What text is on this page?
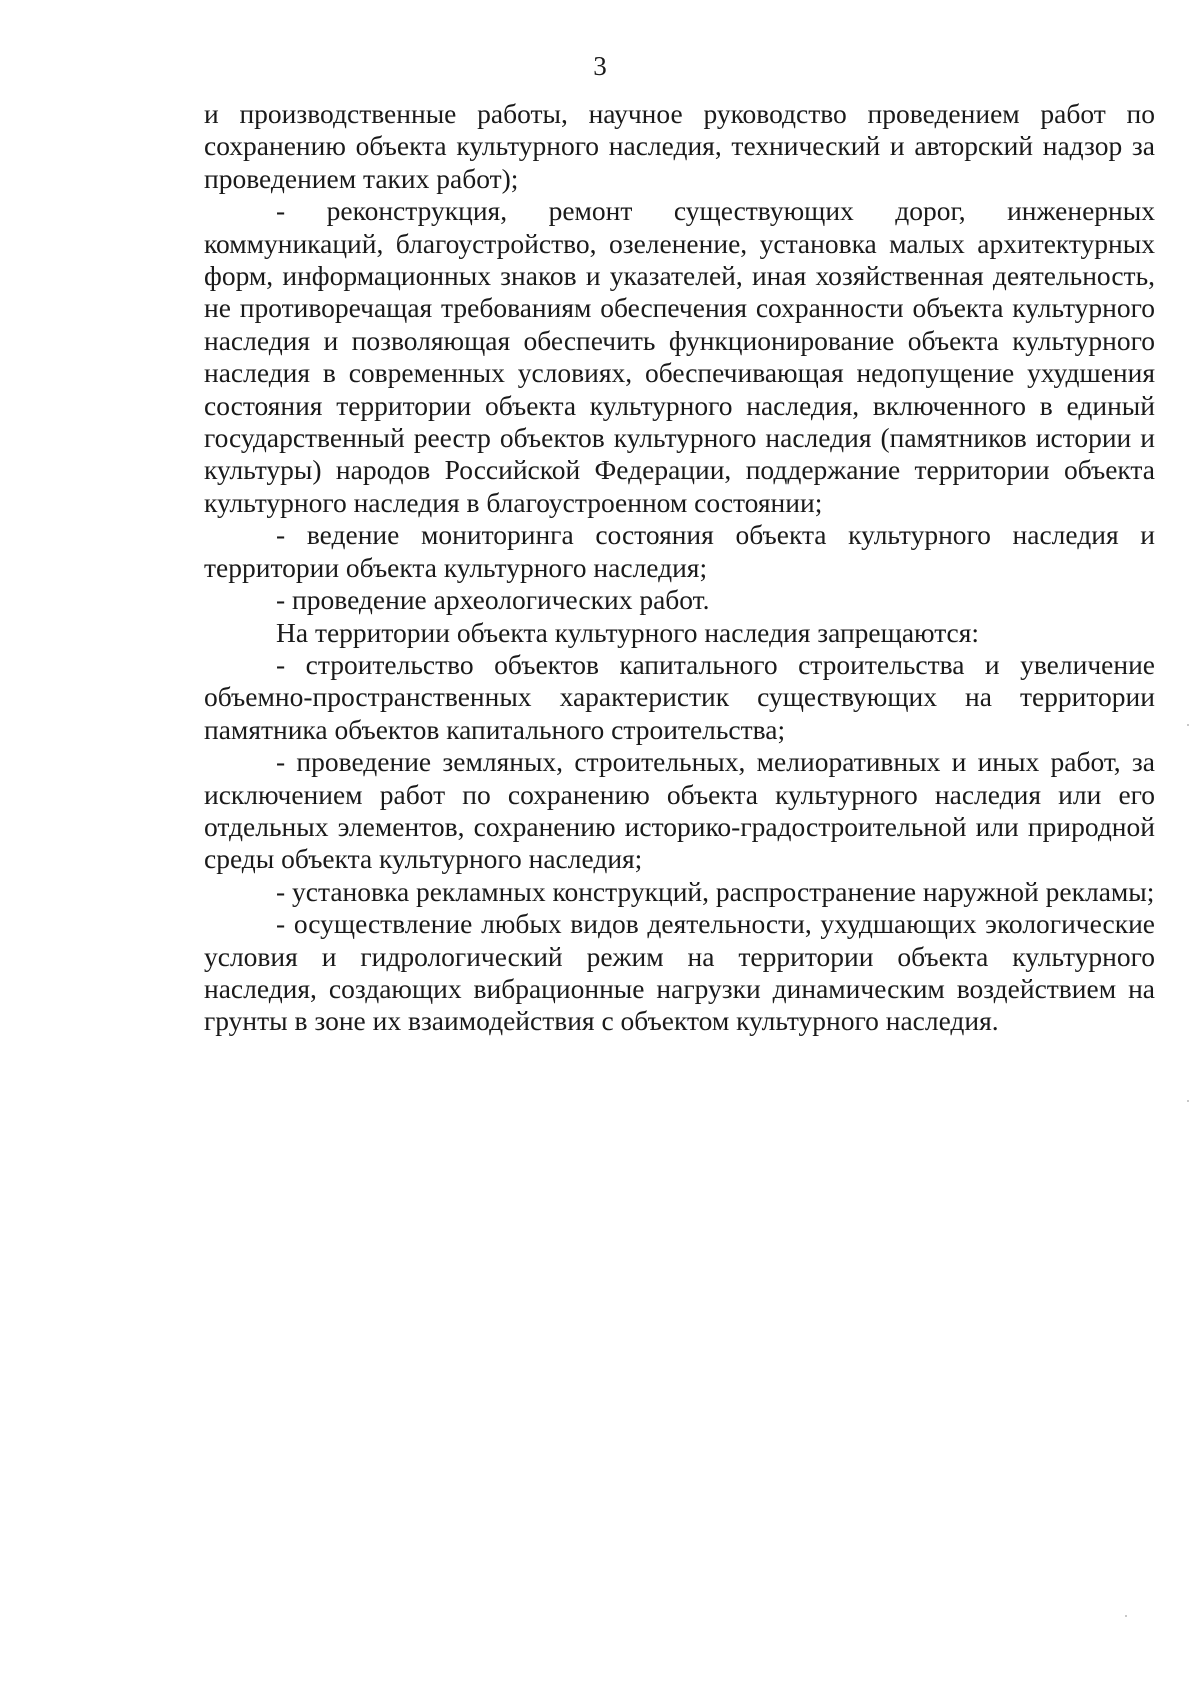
3

и производственные работы, научное руководство проведением работ по сохранению объекта культурного наследия, технический и авторский надзор за проведением таких работ);

- реконструкция, ремонт существующих дорог, инженерных коммуникаций, благоустройство, озеленение, установка малых архитектурных форм, информационных знаков и указателей, иная хозяйственная деятельность, не противоречащая требованиям обеспечения сохранности объекта культурного наследия и позволяющая обеспечить функционирование объекта культурного наследия в современных условиях, обеспечивающая недопущение ухудшения состояния территории объекта культурного наследия, включенного в единый государственный реестр объектов культурного наследия (памятников истории и культуры) народов Российской Федерации, поддержание территории объекта культурного наследия в благоустроенном состоянии;

- ведение мониторинга состояния объекта культурного наследия и территории объекта культурного наследия;

- проведение археологических работ.

На территории объекта культурного наследия запрещаются:

- строительство объектов капитального строительства и увеличение объемно-пространственных характеристик существующих на территории памятника объектов капитального строительства;

- проведение земляных, строительных, мелиоративных и иных работ, за исключением работ по сохранению объекта культурного наследия или его отдельных элементов, сохранению историко-градостроительной или природной среды объекта культурного наследия;

- установка рекламных конструкций, распространение наружной рекламы;

- осуществление любых видов деятельности, ухудшающих экологические условия и гидрологический режим на территории объекта культурного наследия, создающих вибрационные нагрузки динамическим воздействием на грунты в зоне их взаимодействия с объектом культурного наследия.
